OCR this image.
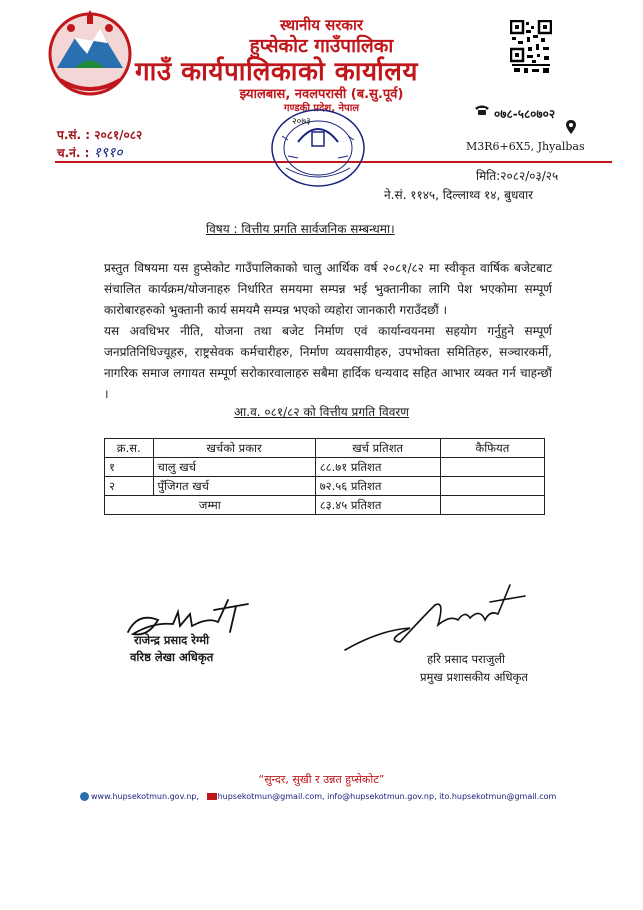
स्थानीय सरकार
हुप्सेकोट गाउँपालिका
गाउँ कार्यपालिकाको कार्यालय
झ्यालबास, नवलपरासी (ब.सु.पूर्व)
गण्डकी प्रदेश, नेपाल	०७८-५८०७०२
M3R6+6X5, Jhyalbas
प.सं. : २०८१/०८२
च.नं. : १९१०
२०७३
मिति:२०८२/०३/२५
ने.सं. ११४५, दिल्लाथ्व १४, बुधवार
विषय : वित्तीय प्रगति सार्वजनिक सम्बन्धमा।
प्रस्तुत विषयमा यस हुप्सेकोट गाउँपालिकाको चालु आर्थिक वर्ष २०८१/८२ मा स्वीकृत वार्षिक बजेटबाट संचालित कार्यक्रम/योजनाहरु निर्धारित समयमा सम्पन्न भई भुक्तानीका लागि पेश भएकोमा सम्पूर्ण कारोबारहरुको भुक्तानी कार्य समयमै सम्पन्न भएको व्यहोरा जानकारी गराउँदछौं ।
यस अवधिभर नीति, योजना तथा बजेट निर्माण एवं कार्यान्वयनमा सहयोग गर्नुहुने सम्पूर्ण जनप्रतिनिधिज्यूहरु, राष्ट्रसेवक कर्मचारीहरु, निर्माण व्यवसायीहरु, उपभोक्ता समितिहरु, सञ्चारकर्मी, नागरिक समाज लगायत सम्पूर्ण सरोकारवालाहरु सबैमा हार्दिक धन्यवाद सहित आभार व्यक्त गर्न चाहन्छौं ।
आ.व. ०८१/८२ को वित्तीय प्रगति विवरण
क्र.स.	खर्चको प्रकार	खर्च प्रतिशत	कैफियत
१	चालु खर्च	८८.७१ प्रतिशत	
२	पुँजिगत खर्च	७२.५६ प्रतिशत	
जम्मा		८३.४५ प्रतिशत	
राजेन्द्र प्रसाद रेग्मी
वरिष्ठ लेखा अधिकृत	हरि प्रसाद पराजुली
प्रमुख प्रशासकीय अधिकृत
“सुन्दर, सुखी र उन्नत हुप्सेकोट”
www.hupsekotmun.gov.np, hupsekotmun@gmail.com, info@hupsekotmun.gov.np, ito.hupsekotmun@gmail.com
